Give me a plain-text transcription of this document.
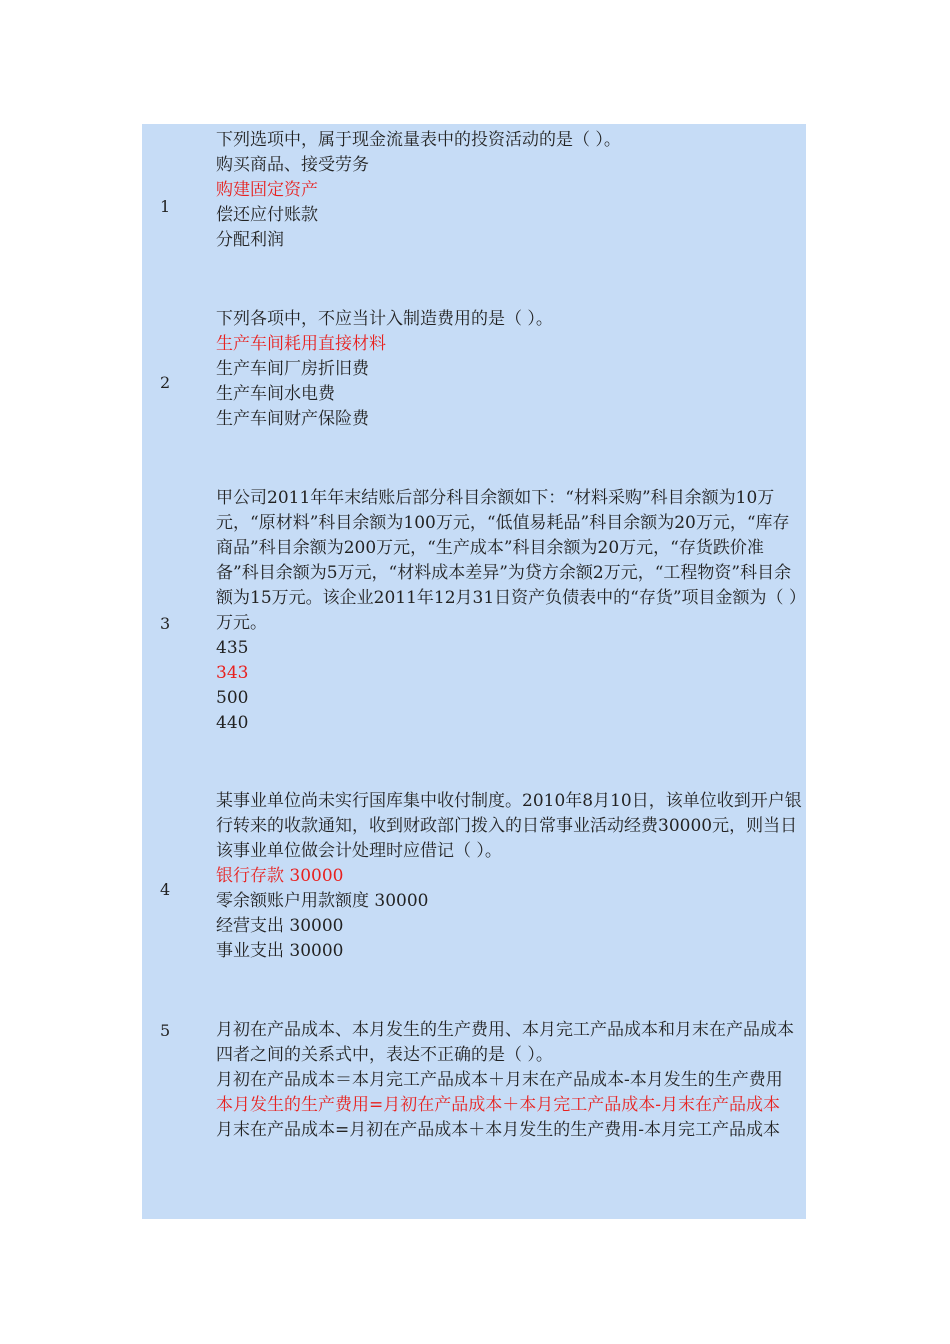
1
下列选项中，属于现金流量表中的投资活动的是（ ）。
购买商品、接受劳务
购建固定资产
偿还应付账款
分配利润
2
下列各项中，不应当计入制造费用的是（ ）。
生产车间耗用直接材料
生产车间厂房折旧费
生产车间水电费
生产车间财产保险费
3
甲公司2011年年末结账后部分科目余额如下：“材料采购”科目余额为10万元，“原材料”科目余额为100万元，“低值易耗品”科目余额为20万元，“库存商品”科目余额为200万元，“生产成本”科目余额为20万元，“存货跌价准备”科目余额为5万元，“材料成本差异”为贷方余额2万元，“工程物资”科目余额为15万元。该企业2011年12月31日资产负债表中的“存货”项目金额为（ ）万元。
435
343
500
440
4
某事业单位尚未实行国库集中收付制度。2010年8月10日，该单位收到开户银行转来的收款通知，收到财政部门拨入的日常事业活动经费30000元，则当日该事业单位做会计处理时应借记（ ）。
银行存款 30000
零余额账户用款额度 30000
经营支出 30000
事业支出 30000
5	月初在产品成本、本月发生的生产费用、本月完工产品成本和月末在产品成本四者之间的关系式中，表达不正确的是（ ）。
月初在产品成本＝本月完工产品成本＋月末在产品成本-本月发生的生产费用
本月发生的生产费用=月初在产品成本＋本月完工产品成本-月末在产品成本
月末在产品成本=月初在产品成本＋本月发生的生产费用-本月完工产品成本
